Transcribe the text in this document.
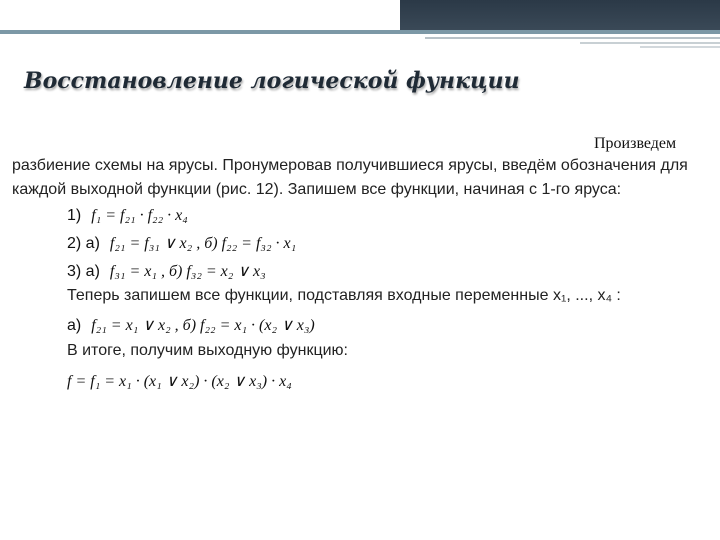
Восстановление логической функции
Произведем
разбиение схемы на ярусы. Пронумеровав получившиеся ярусы, введём обозначения для
каждой выходной функции (рис. 12). Запишем все функции, начиная с 1-го яруса:
1) f₁ = f₂₁ · f₂₂ · x₄
2) а) f₂₁ = f₃₁ ∨ x₂ , б) f₂₂ = f₃₂ · x₁
3) а) f₃₁ = x₁ , б) f₃₂ = x₂ ∨ x₃
Теперь запишем все функции, подставляя входные переменные x₁, ..., x₄ :
а) f₂₁ = x₁ ∨ x₂ , б) f₂₂ = x₁ · (x₂ ∨ x₃)
В итоге, получим выходную функцию:
f = f₁ = x₁ · (x₁ ∨ x₂) · (x₂ ∨ x₃) · x₄
